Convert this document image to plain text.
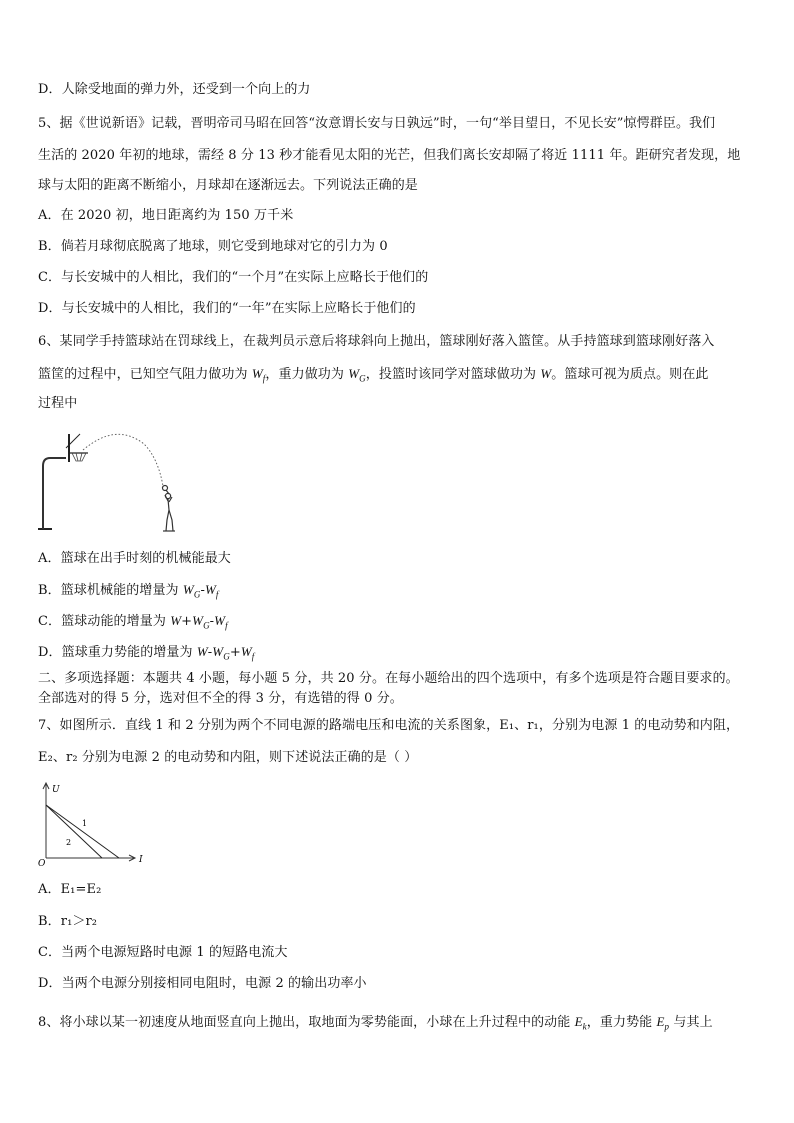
D．人除受地面的弹力外，还受到一个向上的力
5、据《世说新语》记载，晋明帝司马昭在回答“汝意谓长安与日孰远”时，一句“举目望日，不见长安”惊愕群臣。我们
生活的 2020 年初的地球，需经 8 分 13 秒才能看见太阳的光芒，但我们离长安却隔了将近 1111 年。距研究者发现，地
球与太阳的距离不断缩小，月球却在逐渐远去。下列说法正确的是
A．在 2020 初，地日距离约为 150 万千米
B．倘若月球彻底脱离了地球，则它受到地球对它的引力为 0
C．与长安城中的人相比，我们的“一个月”在实际上应略长于他们的
D．与长安城中的人相比，我们的“一年”在实际上应略长于他们的
6、某同学手持篮球站在罚球线上，在裁判员示意后将球斜向上抛出，篮球刚好落入篮筐。从手持篮球到篮球刚好落入
篮筐的过程中，已知空气阻力做功为 $W_f$，重力做功为 $W_G$，投篮时该同学对篮球做功为 W。篮球可视为质点。则在此
过程中
A．篮球在出手时刻的机械能最大
B．篮球机械能的增量为 $W_G-W_f$
C．篮球动能的增量为 $W+W_G-W_f$
D．篮球重力势能的增量为 $W-W_G+W_f$
二、多项选择题：本题共 4 小题，每小题 5 分，共 20 分。在每小题给出的四个选项中，有多个选项是符合题目要求的。
全部选对的得 5 分，选对但不全的得 3 分，有选错的得 0 分。
7、如图所示．直线 1 和 2 分别为两个不同电源的路端电压和电流的关系图象，E₁、r₁，分别为电源 1 的电动势和内阻，
E₂、r₂ 分别为电源 2 的电动势和内阻，则下述说法正确的是（ ）
U
O	I
1
2
A．E₁=E₂
B．r₁＞r₂
C．当两个电源短路时电源 1 的短路电流大
D．当两个电源分别接相同电阻时，电源 2 的输出功率小
8、将小球以某一初速度从地面竖直向上抛出，取地面为零势能面，小球在上升过程中的动能 $E_k$，重力势能 $E_p$ 与其上
